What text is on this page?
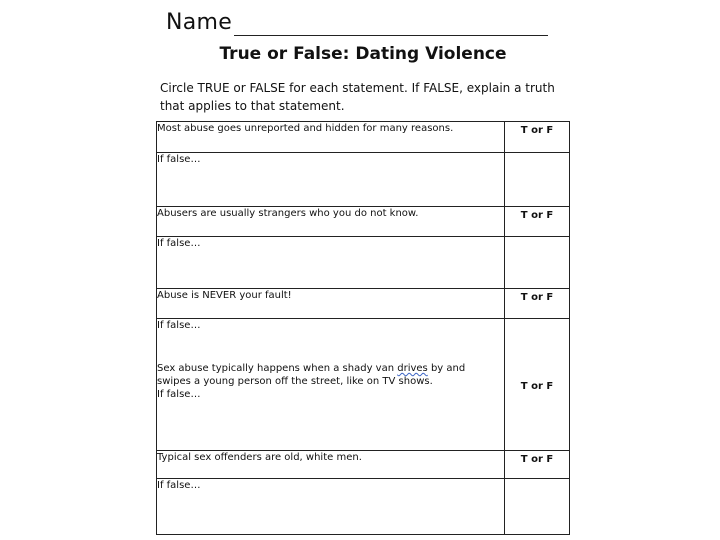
Name
True or False: Dating Violence
Circle TRUE or FALSE for each statement. If FALSE, explain a truth that applies to that statement.

Most abuse goes unreported and hidden for many reasons.	T or F

If false…	

Abusers are usually strangers who you do not know.	T or F

If false…	

Abuse is NEVER your fault!	T or F

If false…

Sex abuse typically happens when a shady van drives by and

swipes a young person off the street, like on TV shows.

If false…	T or F

Typical sex offenders are old, white men.	T or F

If false…	
